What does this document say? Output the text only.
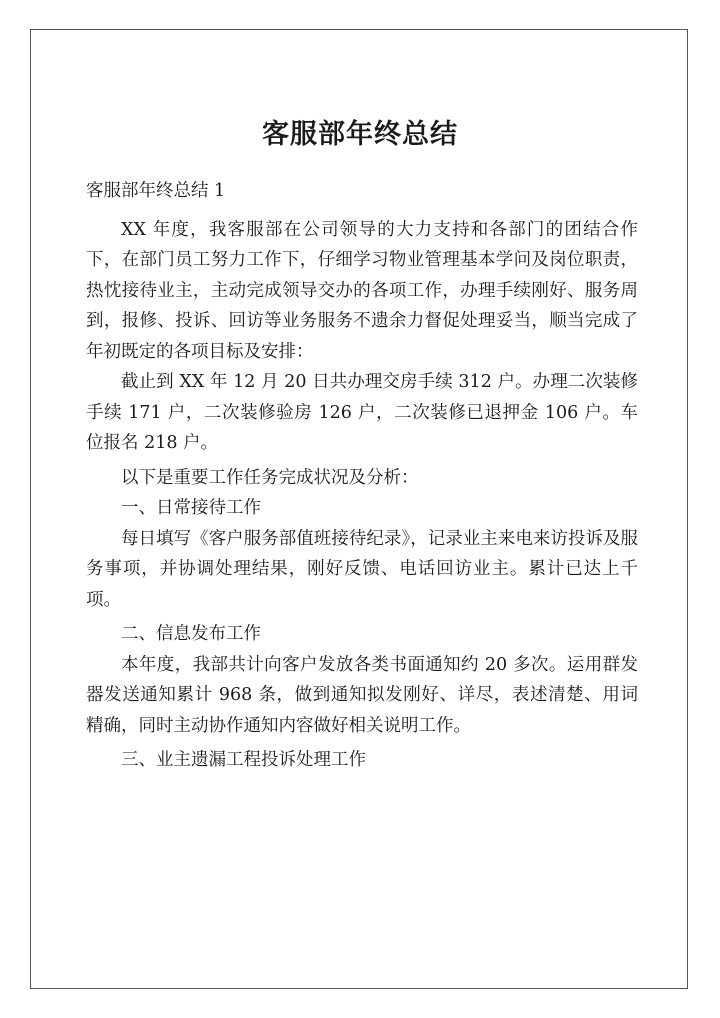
客服部年终总结

客服部年终总结 1

XX 年度，我客服部在公司领导的大力支持和各部门的团结合作下，在部门员工努力工作下，仔细学习物业管理基本学问及岗位职责，热忱接待业主，主动完成领导交办的各项工作，办理手续刚好、服务周到，报修、投诉、回访等业务服务不遗余力督促处理妥当，顺当完成了年初既定的各项目标及安排：

截止到 XX 年 12 月 20 日共办理交房手续 312 户。办理二次装修手续 171 户，二次装修验房 126 户，二次装修已退押金 106 户。车位报名 218 户。

以下是重要工作任务完成状况及分析：

一、日常接待工作

每日填写《客户服务部值班接待纪录》，记录业主来电来访投诉及服务事项，并协调处理结果，刚好反馈、电话回访业主。累计已达上千项。

二、信息发布工作

本年度，我部共计向客户发放各类书面通知约 20 多次。运用群发器发送通知累计 968 条，做到通知拟发刚好、详尽，表述清楚、用词精确，同时主动协作通知内容做好相关说明工作。

三、业主遗漏工程投诉处理工作
